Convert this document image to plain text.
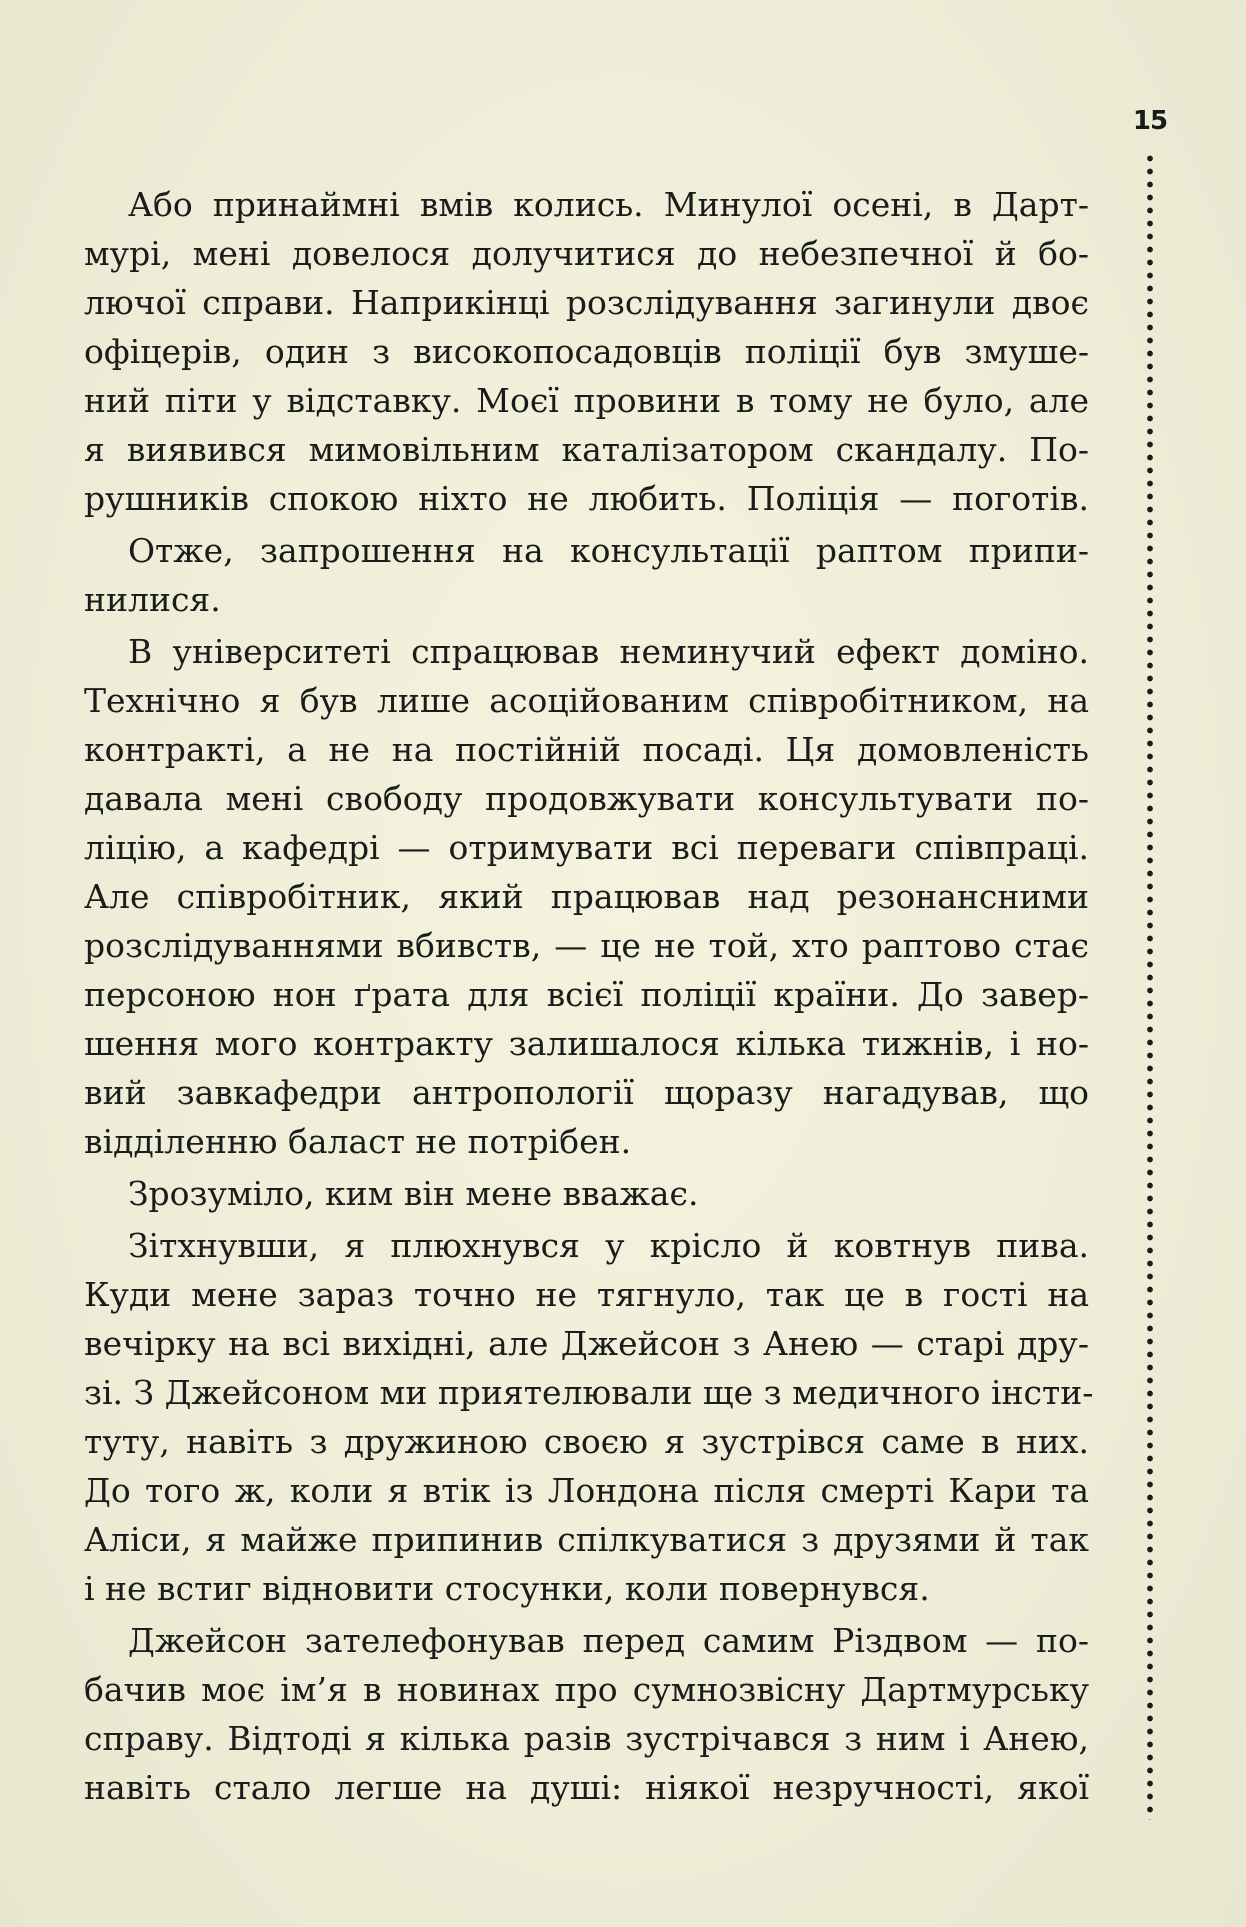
15
Або принаймні вмів колись. Минулої осені, в Дарт-
мурі, мені довелося долучитися до небезпечної й бо-
лючої справи. Наприкінці розслідування загинули двоє
офіцерів, один з високопосадовців поліції був змуше-
ний піти у відставку. Моєї провини в тому не було, але
я виявився мимовільним каталізатором скандалу. По-
рушників спокою ніхто не любить. Поліція — поготів.
Отже, запрошення на консультації раптом припи-
нилися.
В університеті спрацював неминучий ефект доміно.
Технічно я був лише асоційованим співробітником, на
контракті, а не на постійній посаді. Ця домовленість
давала мені свободу продовжувати консультувати по-
ліцію, а кафедрі — отримувати всі переваги співпраці.
Але співробітник, який працював над резонансними
розслідуваннями вбивств, — це не той, хто раптово стає
персоною нон ґрата для всієї поліції країни. До завер-
шення мого контракту залишалося кілька тижнів, і но-
вий завкафедри антропології щоразу нагадував, що
відділенню баласт не потрібен.
Зрозуміло, ким він мене вважає.
Зітхнувши, я плюхнувся у крісло й ковтнув пива.
Куди мене зараз точно не тягнуло, так це в гості на
вечірку на всі вихідні, але Джейсон з Анею — старі дру-
зі. З Джейсоном ми приятелювали ще з медичного інсти-
туту, навіть з дружиною своєю я зустрівся саме в них.
До того ж, коли я втік із Лондона після смерті Кари та
Аліси, я майже припинив спілкуватися з друзями й так
і не встиг відновити стосунки, коли повернувся.
Джейсон зателефонував перед самим Різдвом — по-
бачив моє ім’я в новинах про сумнозвісну Дартмурську
справу. Відтоді я кілька разів зустрічався з ним і Анею,
навіть стало легше на душі: ніякої незручності, якої
